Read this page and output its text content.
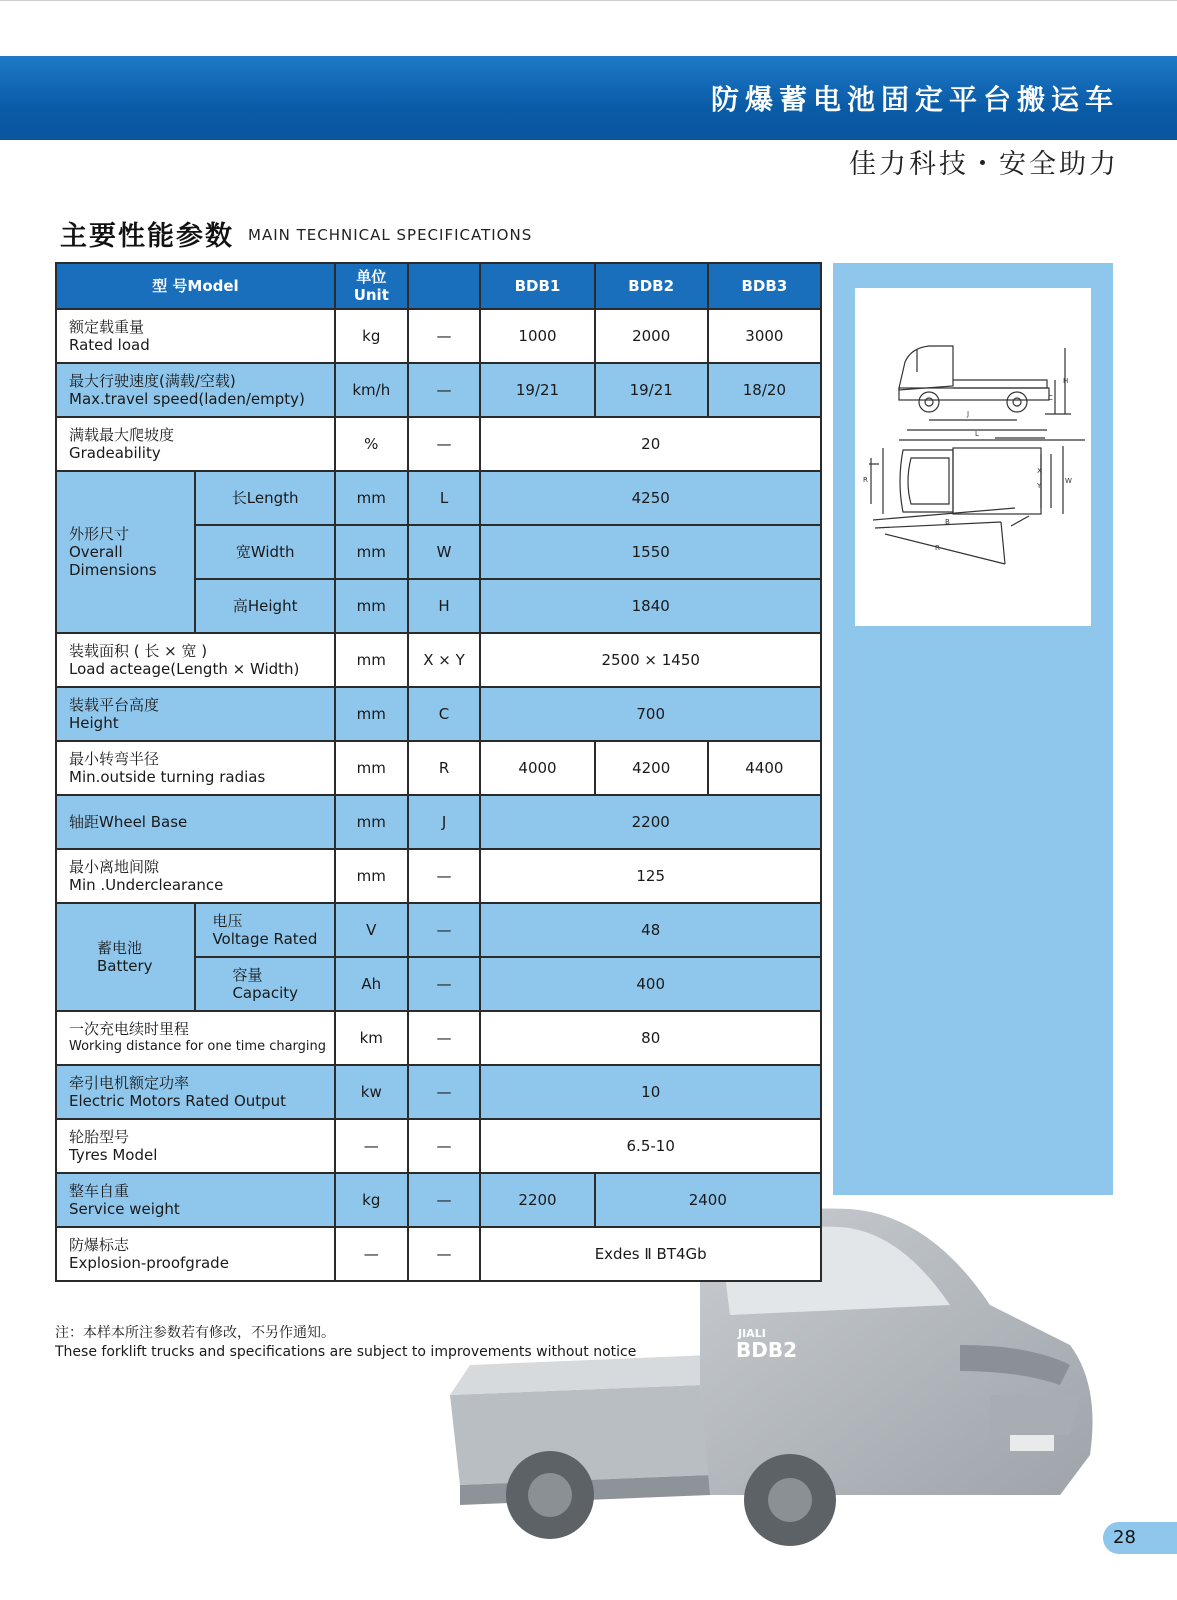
防爆蓄电池固定平台搬运车
佳力科技・安全助力
主要性能参数 MAIN TECHNICAL SPECIFICATIONS
H
C
J
L
X
Y
W
R
B
R
JIALI
BDB2
型 号Model		单位
Unit		BDB1	BDB2	BDB3

额定载重量
Rated load		kg	—	1000	2000	3000

最大行驶速度(满载/空载)
Max.travel speed(laden/empty)		km/h	—	19/21	19/21	18/20

满载最大爬坡度
Gradeability		%	—	20		

外形尺寸
Overall
Dimensions	长Length	mm	L	4250		
	宽Width	mm	W	1550		
	高Height	mm	H	1840		

装载面积 ( 长 × 宽 )
Load acteage(Length × Width)		mm	X × Y	2500 × 1450		

装载平台高度
Height		mm	C	700		

最小转弯半径
Min.outside turning radias		mm	R	4000	4200	4400
轴距Wheel Base		mm	J	2200		

最小离地间隙
Min .Underclearance		mm	—	125		

蓄电池
Battery	电压
Voltage Rated	V	—	48		

	容量
Capacity	Ah	—	400		

一次充电续时里程
Working distance for one time charging		km	—	80		

牵引电机额定功率
Electric Motors Rated Output		kw	—	10		

轮胎型号
Tyres Model		—	—	6.5-10		

整车自重
Service weight		kg	—	2200	2400	

防爆标志
Explosion-proofgrade		—	—	Exdes Ⅱ BT4Gb		
注：本样本所注参数若有修改，不另作通知。
These forklift trucks and specifications are subject to improvements without notice
28
